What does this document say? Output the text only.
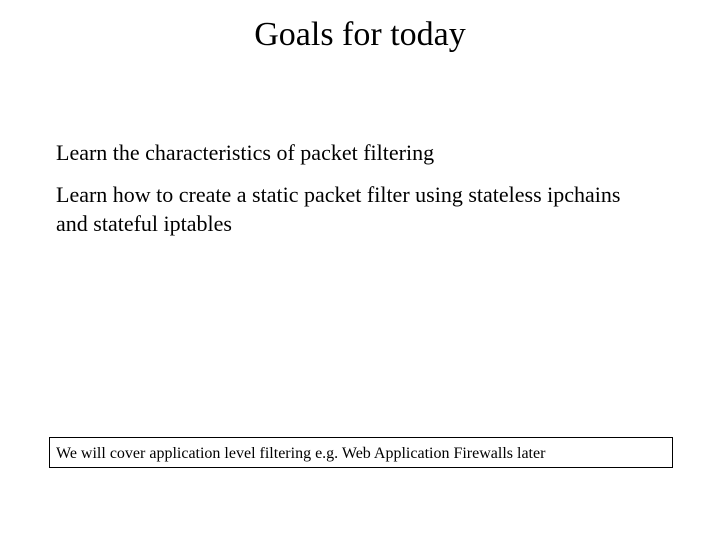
Goals for today
Learn the characteristics of packet filtering
Learn how to create a static packet filter using stateless ipchains and stateful iptables
We will cover application level filtering e.g. Web Application Firewalls later
